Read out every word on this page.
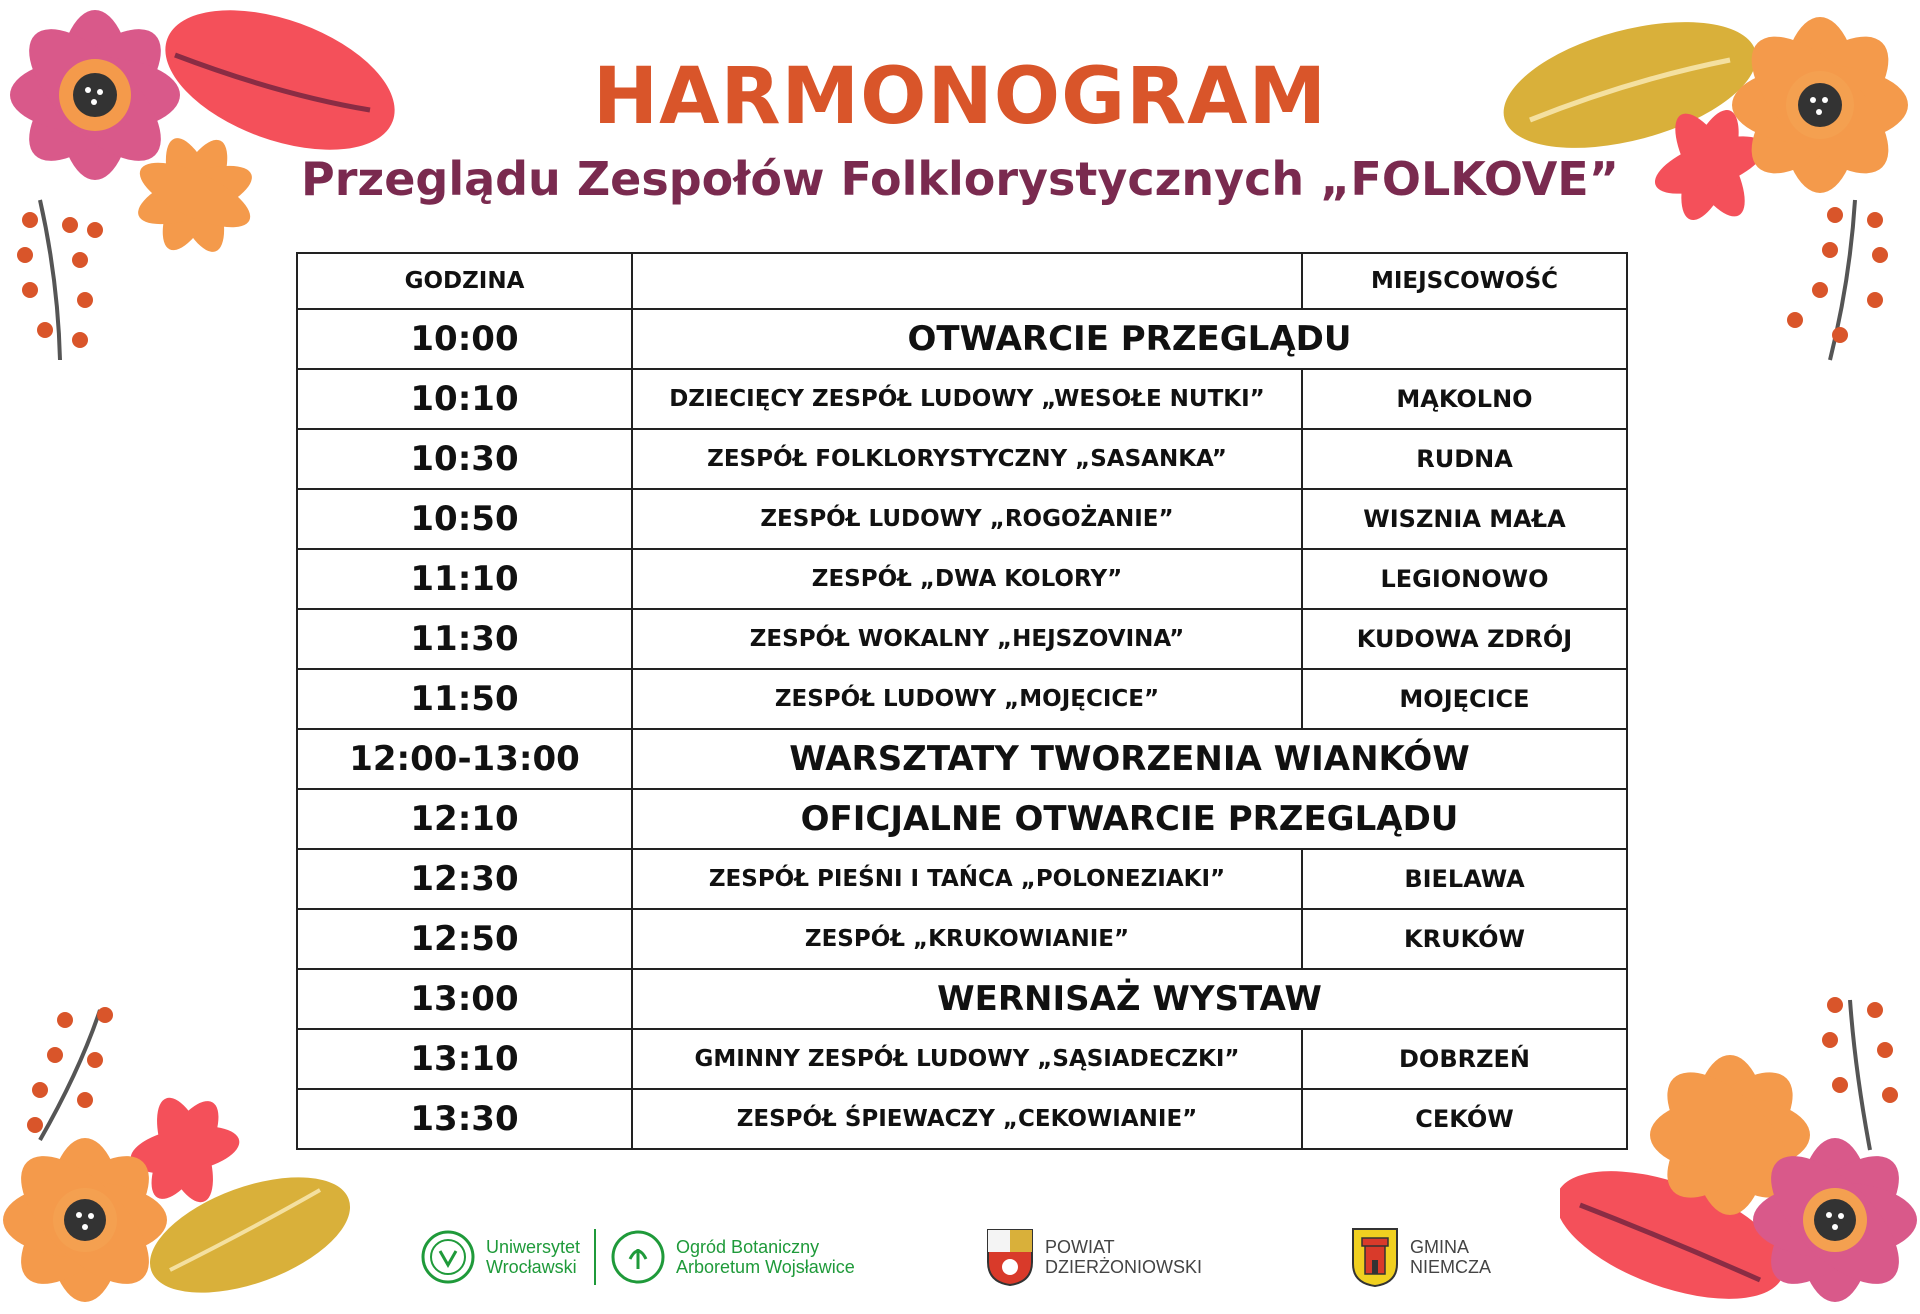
HARMONOGRAM
Przeglądu Zespołów Folklorystycznych „FOLKOVE”
GODZINA		MIEJSCOWOŚĆ
10:00	OTWARCIE PRZEGLĄDU	
10:10	DZIECIĘCY ZESPÓŁ LUDOWY „WESOŁE NUTKI”	MĄKOLNO
10:30	ZESPÓŁ FOLKLORYSTYCZNY „SASANKA”	RUDNA
10:50	ZESPÓŁ LUDOWY „ROGOŻANIE”	WISZNIA MAŁA
11:10	ZESPÓŁ „DWA KOLORY”	LEGIONOWO
11:30	ZESPÓŁ WOKALNY „HEJSZOVINA”	KUDOWA ZDRÓJ
11:50	ZESPÓŁ LUDOWY „MOJĘCICE”	MOJĘCICE
12:00-13:00	WARSZTATY TWORZENIA WIANKÓW	
12:10	OFICJALNE OTWARCIE PRZEGLĄDU	
12:30	ZESPÓŁ PIEŚNI I TAŃCA „POLONEZIAKI”	BIELAWA
12:50	ZESPÓŁ „KRUKOWIANIE”	KRUKÓW
13:00	WERNISAŻ WYSTAW	
13:10	GMINNY ZESPÓŁ LUDOWY „SĄSIADECZKI”	DOBRZEŃ
13:30	ZESPÓŁ ŚPIEWACZY „CEKOWIANIE”	CEKÓW
Uniwersytet
Wrocławski
Ogród Botaniczny
Arboretum Wojsławice
POWIAT
DZIERŻONIOWSKI
GMINA
NIEMCZA
